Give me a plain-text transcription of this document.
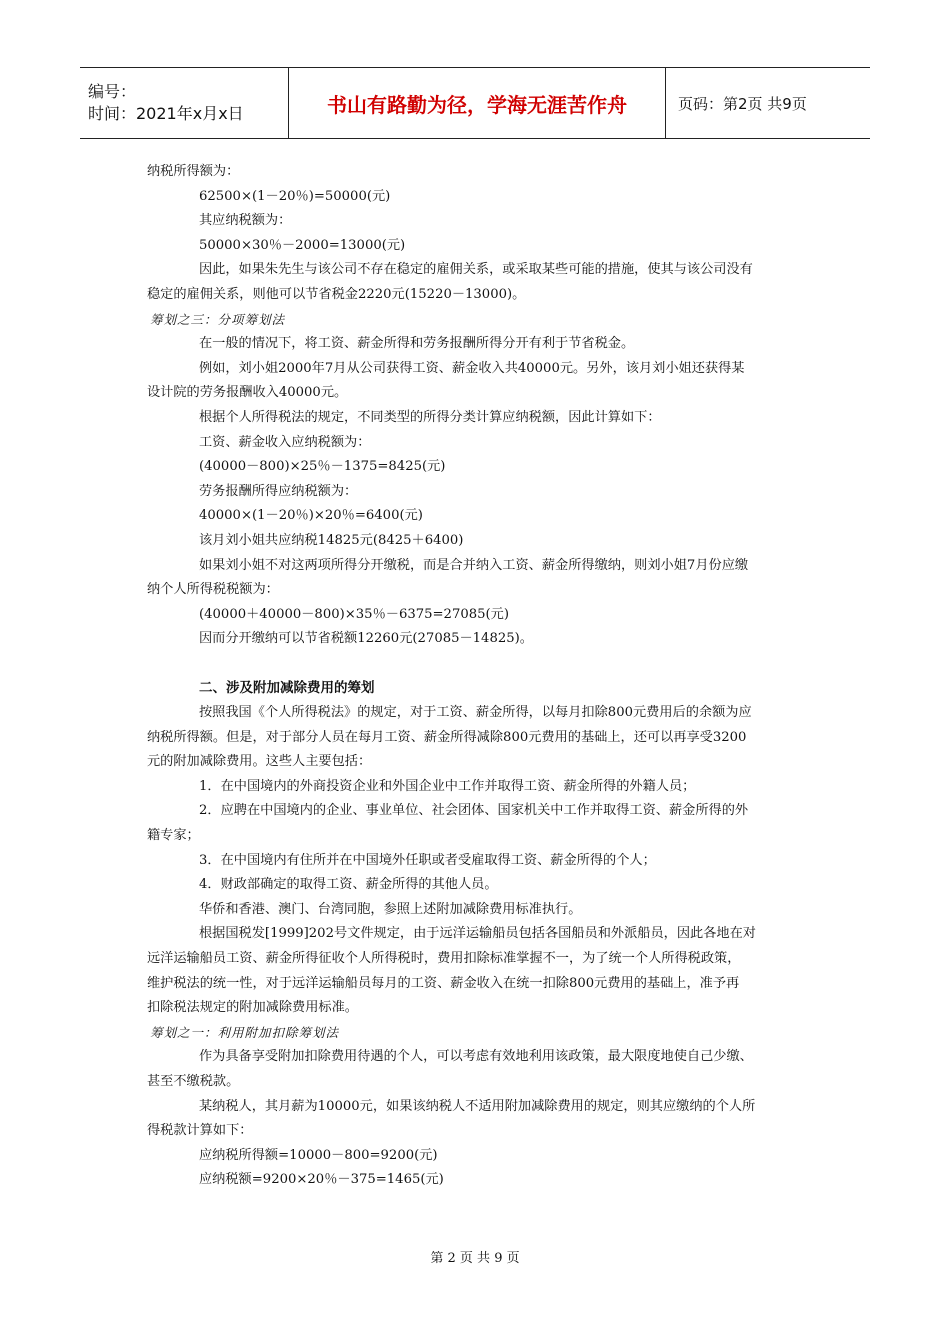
编号：
时间：2021年x月x日	书山有路勤为径，学海无涯苦作舟	页码：第2页 共9页
纳税所得额为：
62500×(1－20％)=50000(元)
其应纳税额为：
50000×30％－2000=13000(元)
因此，如果朱先生与该公司不存在稳定的雇佣关系，或采取某些可能的措施，使其与该公司没有
稳定的雇佣关系，则他可以节省税金2220元(15220－13000)。
筹划之三：分项筹划法
在一般的情况下，将工资、薪金所得和劳务报酬所得分开有利于节省税金。
例如，刘小姐2000年7月从公司获得工资、薪金收入共40000元。另外，该月刘小姐还获得某
设计院的劳务报酬收入40000元。
根据个人所得税法的规定，不同类型的所得分类计算应纳税额，因此计算如下：
工资、薪金收入应纳税额为：
(40000－800)×25％－1375=8425(元)
劳务报酬所得应纳税额为：
40000×(1－20％)×20％=6400(元)
该月刘小姐共应纳税14825元(8425＋6400)
如果刘小姐不对这两项所得分开缴税，而是合并纳入工资、薪金所得缴纳，则刘小姐7月份应缴
纳个人所得税税额为：
(40000＋40000－800)×35％－6375=27085(元)
因而分开缴纳可以节省税额12260元(27085－14825)。
二、涉及附加减除费用的筹划
按照我国《个人所得税法》的规定，对于工资、薪金所得，以每月扣除800元费用后的余额为应
纳税所得额。但是，对于部分人员在每月工资、薪金所得减除800元费用的基础上，还可以再享受3200
元的附加减除费用。这些人主要包括：
1．在中国境内的外商投资企业和外国企业中工作并取得工资、薪金所得的外籍人员；
2．应聘在中国境内的企业、事业单位、社会团体、国家机关中工作并取得工资、薪金所得的外
籍专家；
3．在中国境内有住所并在中国境外任职或者受雇取得工资、薪金所得的个人；
4．财政部确定的取得工资、薪金所得的其他人员。
华侨和香港、澳门、台湾同胞，参照上述附加减除费用标准执行。
根据国税发[1999]202号文件规定，由于远洋运输船员包括各国船员和外派船员，因此各地在对
远洋运输船员工资、薪金所得征收个人所得税时，费用扣除标准掌握不一，为了统一个人所得税政策，
维护税法的统一性，对于远洋运输船员每月的工资、薪金收入在统一扣除800元费用的基础上，准予再
扣除税法规定的附加减除费用标准。
筹划之一：利用附加扣除筹划法
作为具备享受附加扣除费用待遇的个人，可以考虑有效地利用该政策，最大限度地使自己少缴、
甚至不缴税款。
某纳税人，其月薪为10000元，如果该纳税人不适用附加减除费用的规定，则其应缴纳的个人所
得税款计算如下：
应纳税所得额=10000－800=9200(元)
应纳税额=9200×20％－375=1465(元)
第 2 页 共 9 页
